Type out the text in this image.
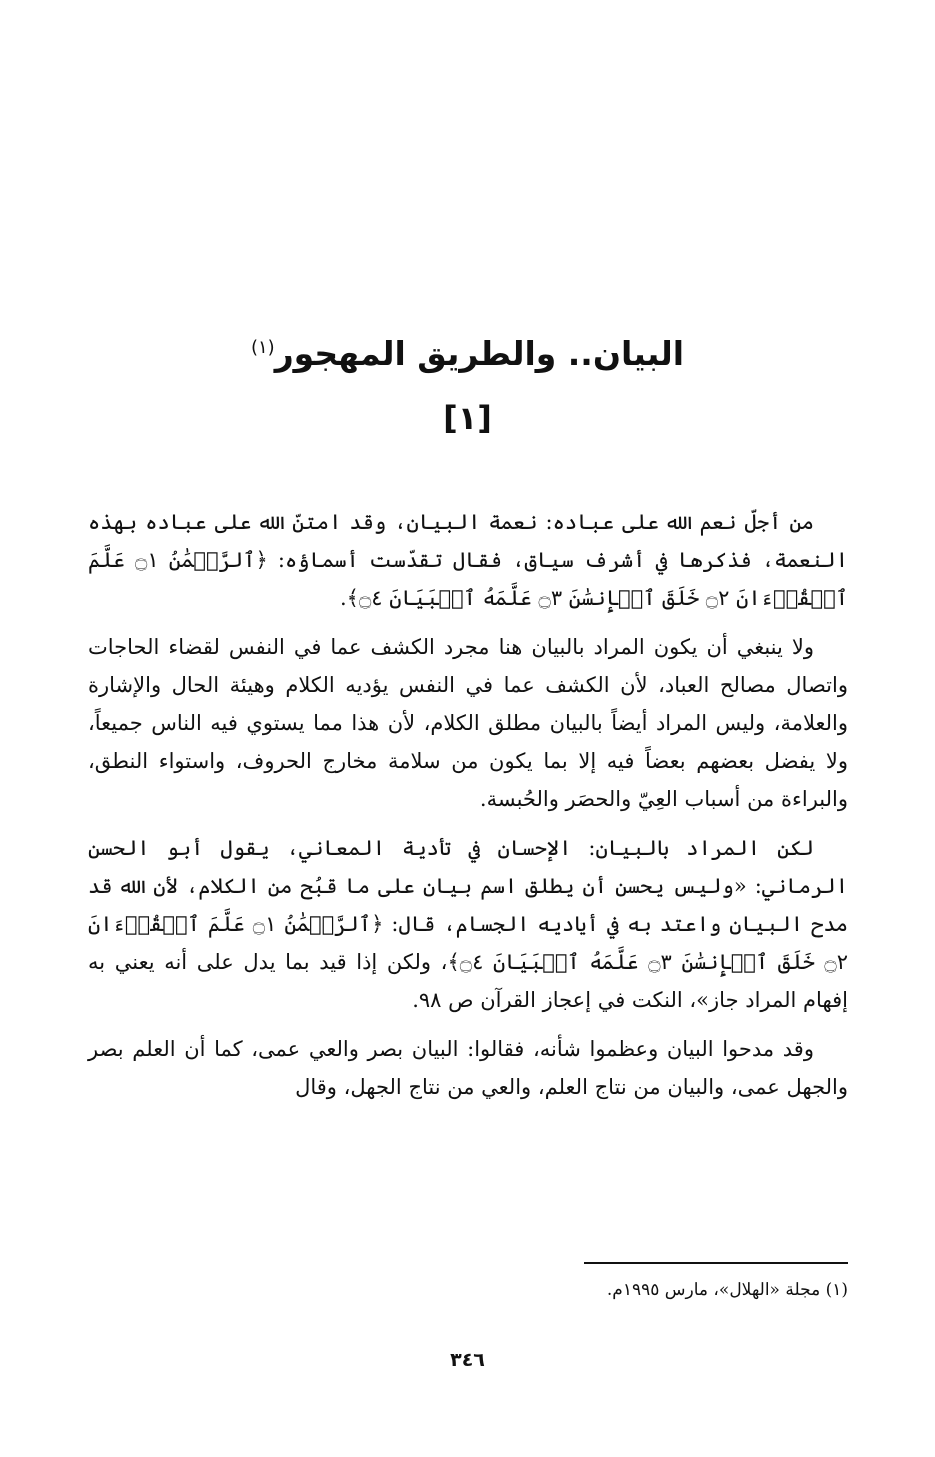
البيان.. والطريق المهجور$^{(١)}$
[١]

من أجلّ نعم الله على عباده: نعمة البيان، وقد امتنّ الله على عباده بهذه النعمة، فذكرها في أشرف سياق، فقال تقدّست أسماؤه: ﴿ٱلرَّحۡمَٰنُ ۝١ عَلَّمَ ٱلۡقُرۡءَانَ ۝٢ خَلَقَ ٱلۡإِنسَٰنَ ۝٣ عَلَّمَهُ ٱلۡبَيَانَ ۝٤﴾.

ولا ينبغي أن يكون المراد بالبيان هنا مجرد الكشف عما في النفس لقضاء الحاجات واتصال مصالح العباد، لأن الكشف عما في النفس يؤديه الكلام وهيئة الحال والإشارة والعلامة، وليس المراد أيضاً بالبيان مطلق الكلام، لأن هذا مما يستوي فيه الناس جميعاً، ولا يفضل بعضهم بعضاً فيه إلا بما يكون من سلامة مخارج الحروف، واستواء النطق، والبراءة من أسباب العِيّ والحصَر والحُبسة.

لكن المراد بالبيان: الإحسان في تأدية المعاني، يقول أبو الحسن الرماني: «وليس يحسن أن يطلق اسم بيان على ما قبُح من الكلام، لأن الله قد مدح البيان واعتد به في أياديه الجسام، قال: ﴿ٱلرَّحۡمَٰنُ ۝١ عَلَّمَ ٱلۡقُرۡءَانَ ۝٢ خَلَقَ ٱلۡإِنسَٰنَ ۝٣ عَلَّمَهُ ٱلۡبَيَانَ ۝٤﴾، ولكن إذا قيد بما يدل على أنه يعني به إفهام المراد جاز»، النكت في إعجاز القرآن ص ٩٨.

وقد مدحوا البيان وعظموا شأنه، فقالوا: البيان بصر والعي عمى، كما أن العلم بصر والجهل عمى، والبيان من نتاج العلم، والعي من نتاج الجهل، وقال

(١) مجلة «الهلال»، مارس ١٩٩٥م.
٣٤٦
